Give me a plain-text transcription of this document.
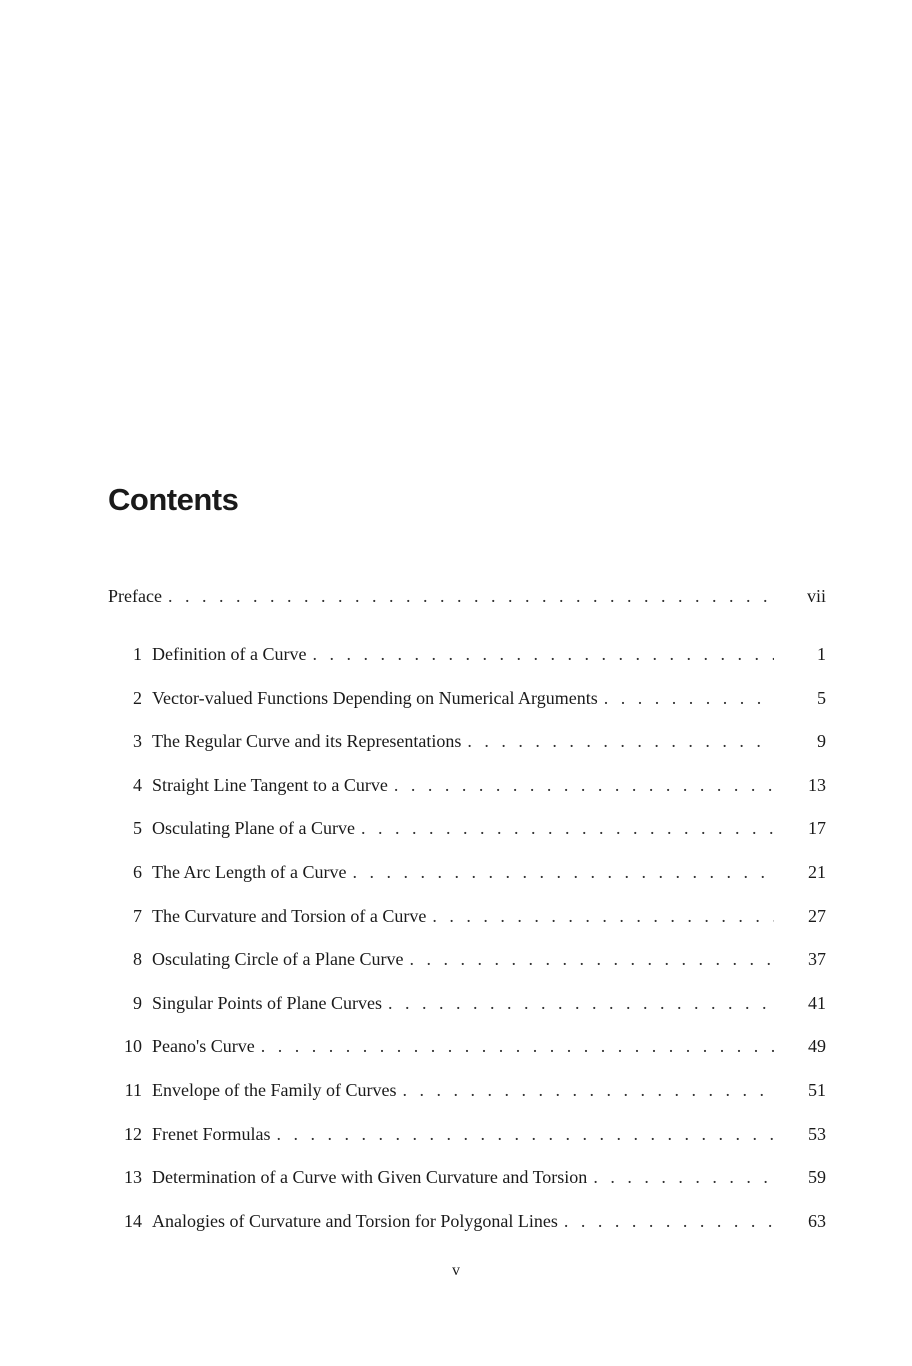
Contents
Preface . . .	vii
1 Definition of a Curve . . .	1
2 Vector-valued Functions Depending on Numerical Arguments . . .	5
3 The Regular Curve and its Representations . . .	9
4 Straight Line Tangent to a Curve . . .	13
5 Osculating Plane of a Curve . . .	17
6 The Arc Length of a Curve . . .	21
7 The Curvature and Torsion of a Curve . . .	27
8 Osculating Circle of a Plane Curve . . .	37
9 Singular Points of Plane Curves . . .	41
10 Peano's Curve . . .	49
11 Envelope of the Family of Curves . . .	51
12 Frenet Formulas . . .	53
13 Determination of a Curve with Given Curvature and Torsion . . .	59
14 Analogies of Curvature and Torsion for Polygonal Lines . . .	63
v
